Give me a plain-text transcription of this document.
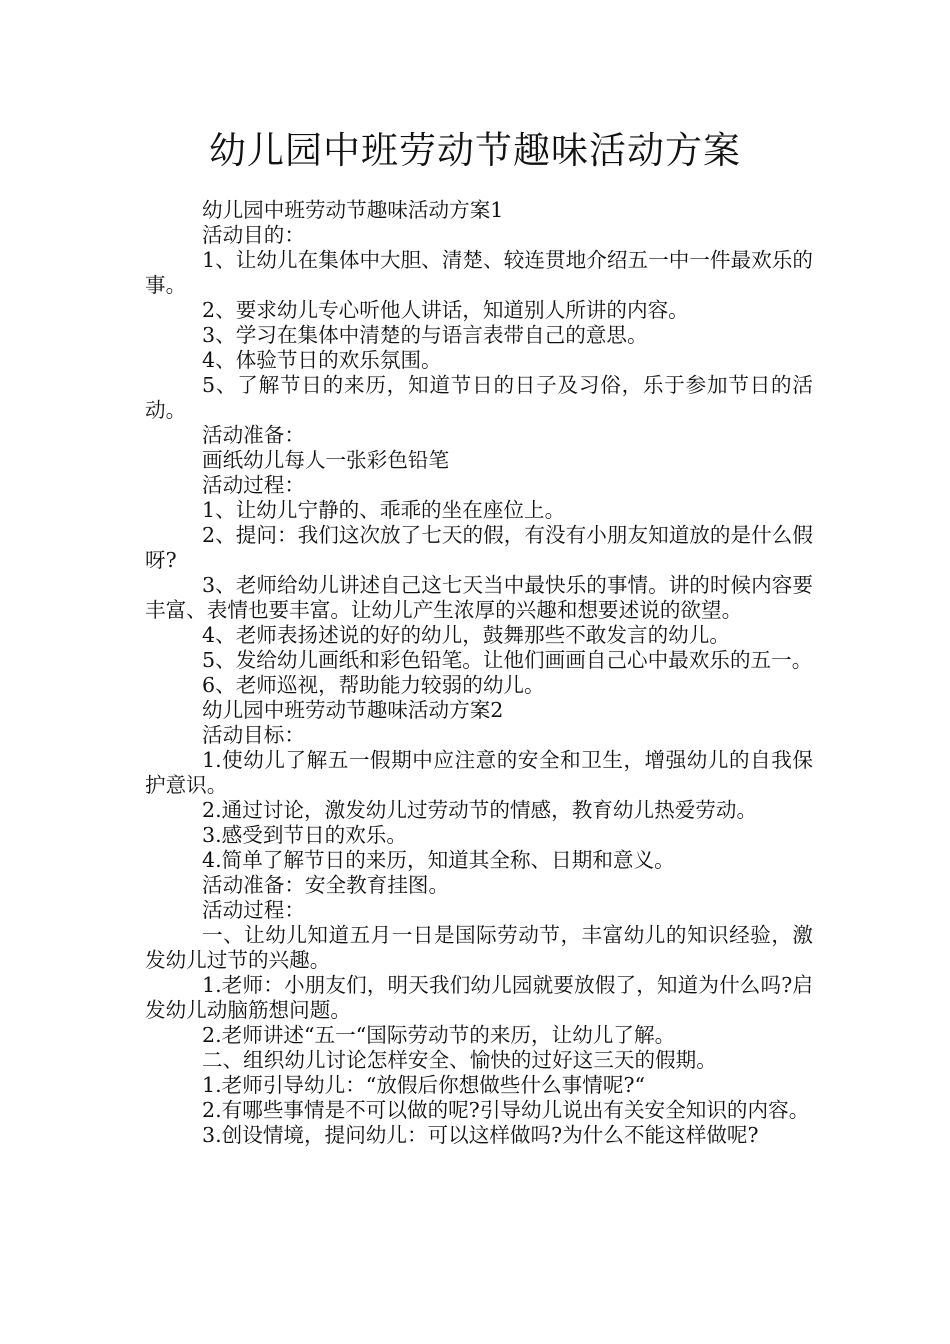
幼儿园中班劳动节趣味活动方案

幼儿园中班劳动节趣味活动方案1

活动目的：

1、让幼儿在集体中大胆、清楚、较连贯地介绍五一中一件最欢乐的事。

2、要求幼儿专心听他人讲话，知道别人所讲的内容。

3、学习在集体中清楚的与语言表带自己的意思。

4、体验节日的欢乐氛围。

5、了解节日的来历，知道节日的日子及习俗，乐于参加节日的活动。

活动准备：

画纸幼儿每人一张彩色铅笔

活动过程：

1、让幼儿宁静的、乖乖的坐在座位上。

2、提问：我们这次放了七天的假，有没有小朋友知道放的是什么假呀?

3、老师给幼儿讲述自己这七天当中最快乐的事情。讲的时候内容要丰富、表情也要丰富。让幼儿产生浓厚的兴趣和想要述说的欲望。

4、老师表扬述说的好的幼儿，鼓舞那些不敢发言的幼儿。

5、发给幼儿画纸和彩色铅笔。让他们画画自己心中最欢乐的五一。

6、老师巡视，帮助能力较弱的幼儿。

幼儿园中班劳动节趣味活动方案2

活动目标：

1.使幼儿了解五一假期中应注意的安全和卫生，增强幼儿的自我保护意识。

2.通过讨论，激发幼儿过劳动节的情感，教育幼儿热爱劳动。

3.感受到节日的欢乐。

4.简单了解节日的来历，知道其全称、日期和意义。

活动准备：安全教育挂图。

活动过程：

一、让幼儿知道五月一日是国际劳动节，丰富幼儿的知识经验，激发幼儿过节的兴趣。

1.老师：小朋友们，明天我们幼儿园就要放假了，知道为什么吗?启发幼儿动脑筋想问题。

2.老师讲述“五一“国际劳动节的来历，让幼儿了解。

二、组织幼儿讨论怎样安全、愉快的过好这三天的假期。

1.老师引导幼儿：“放假后你想做些什么事情呢?“

2.有哪些事情是不可以做的呢?引导幼儿说出有关安全知识的内容。

3.创设情境，提问幼儿：可以这样做吗?为什么不能这样做呢?
